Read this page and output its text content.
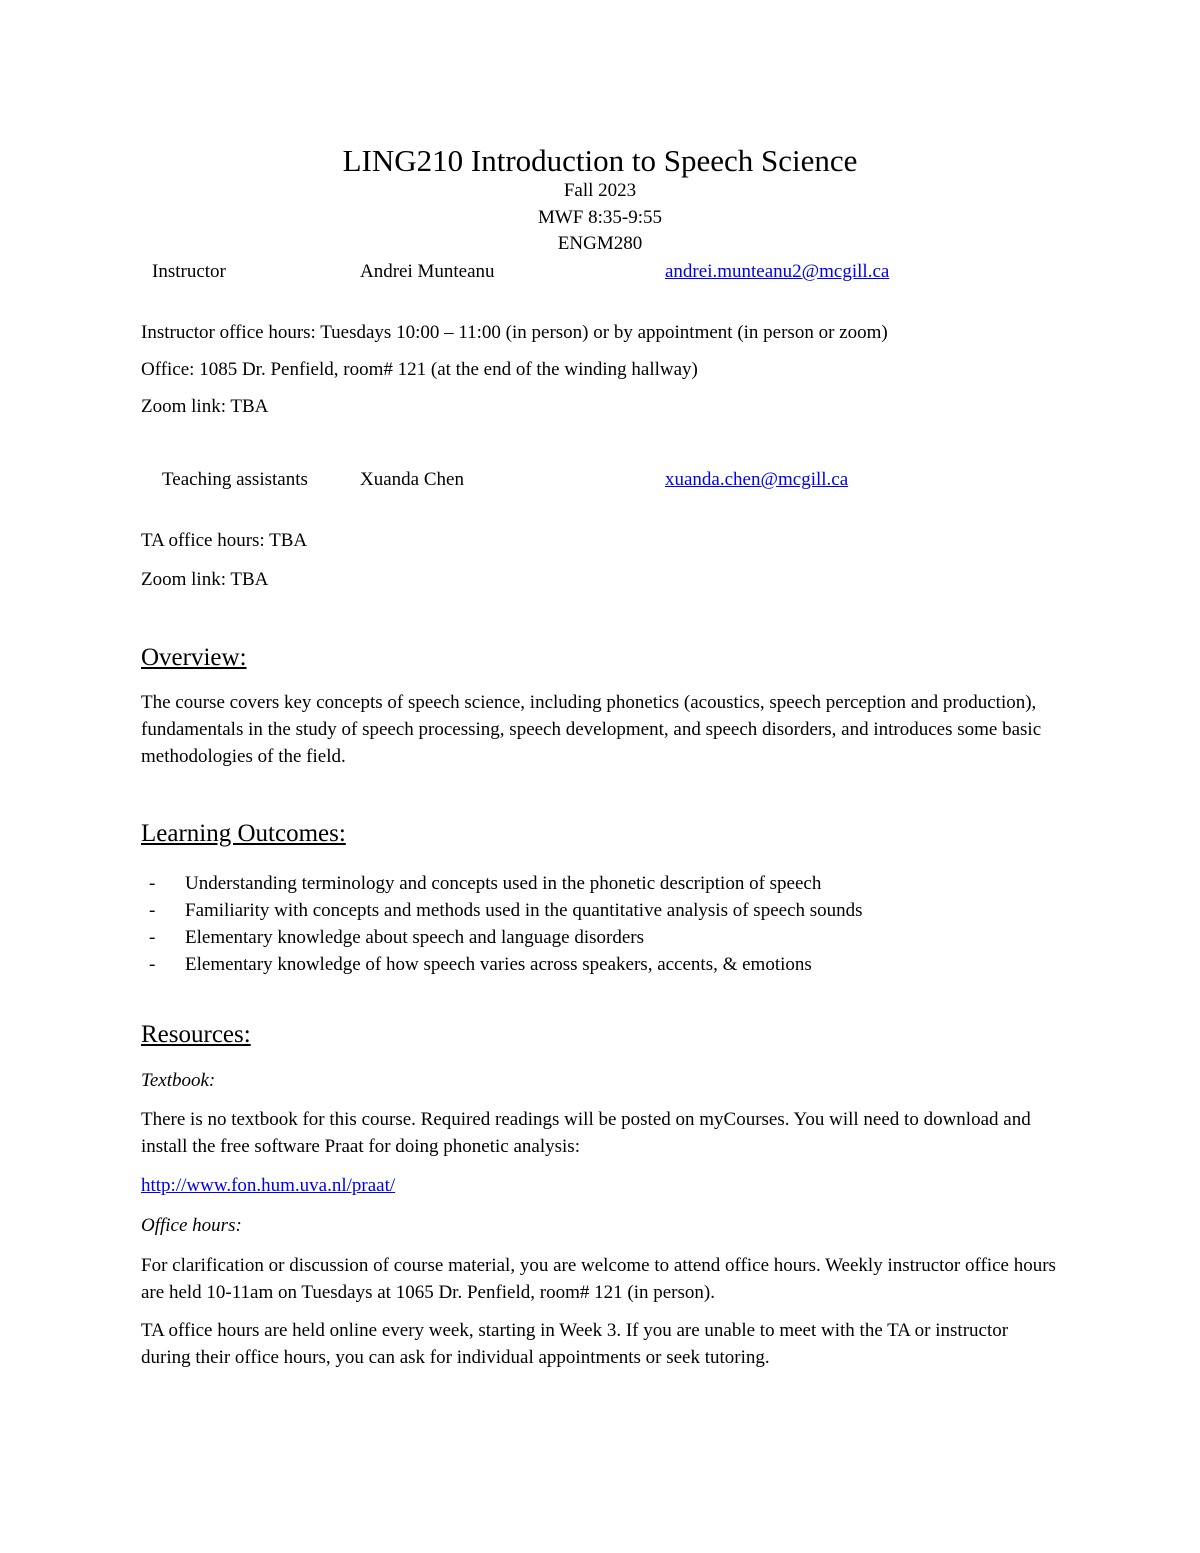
LING210 Introduction to Speech Science
Fall 2023
MWF 8:35-9:55
ENGM280
Instructor	Andrei Munteanu	andrei.munteanu2@mcgill.ca
Instructor office hours: Tuesdays 10:00 – 11:00 (in person) or by appointment (in person or zoom)
Office: 1085 Dr. Penfield, room# 121 (at the end of the winding hallway)
Zoom link: TBA
Teaching assistants	Xuanda Chen	xuanda.chen@mcgill.ca
TA office hours: TBA
Zoom link: TBA
Overview:
The course covers key concepts of speech science, including phonetics (acoustics, speech perception and production), fundamentals in the study of speech processing, speech development, and speech disorders, and introduces some basic methodologies of the field.
Learning Outcomes:
- Understanding terminology and concepts used in the phonetic description of speech
- Familiarity with concepts and methods used in the quantitative analysis of speech sounds
- Elementary knowledge about speech and language disorders
- Elementary knowledge of how speech varies across speakers, accents, & emotions
Resources:
Textbook:
There is no textbook for this course. Required readings will be posted on myCourses. You will need to download and install the free software Praat for doing phonetic analysis:
http://www.fon.hum.uva.nl/praat/
Office hours:
For clarification or discussion of course material, you are welcome to attend office hours. Weekly instructor office hours are held 10-11am on Tuesdays at 1065 Dr. Penfield, room# 121 (in person).
TA office hours are held online every week, starting in Week 3. If you are unable to meet with the TA or instructor during their office hours, you can ask for individual appointments or seek tutoring.
